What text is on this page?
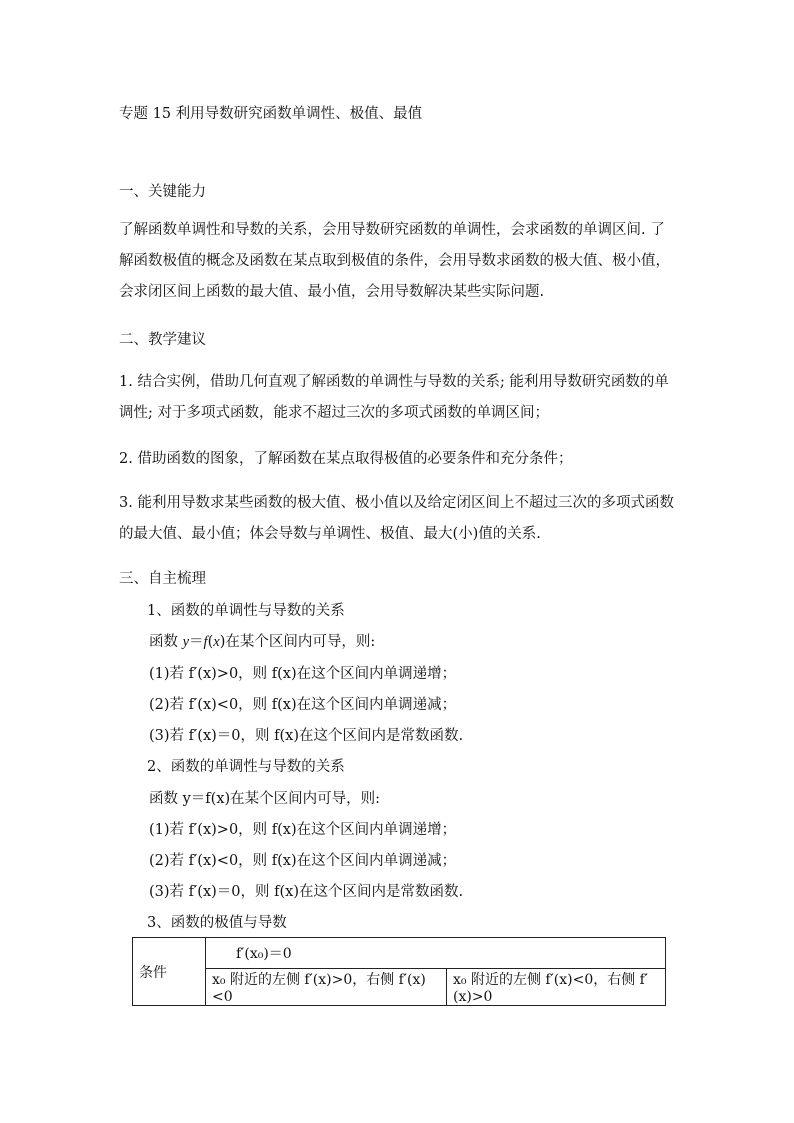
专题 15 利用导数研究函数单调性、极值、最值
一、关键能力
了解函数单调性和导数的关系，会用导数研究函数的单调性，会求函数的单调区间. 了解函数极值的概念及函数在某点取到极值的条件，会用导数求函数的极大值、极小值，会求闭区间上函数的最大值、最小值，会用导数解决某些实际问题.
二、教学建议
1. 结合实例，借助几何直观了解函数的单调性与导数的关系; 能利用导数研究函数的单调性; 对于多项式函数，能求不超过三次的多项式函数的单调区间；
2. 借助函数的图象，了解函数在某点取得极值的必要条件和充分条件；
3. 能利用导数求某些函数的极大值、极小值以及给定闭区间上不超过三次的多项式函数的最大值、最小值；体会导数与单调性、极值、最大(小)值的关系.
三、自主梳理
1、函数的单调性与导数的关系
函数 y＝f(x)在某个区间内可导，则:
(1)若 f′(x)>0，则 f(x)在这个区间内单调递增；
(2)若 f′(x)<0，则 f(x)在这个区间内单调递减；
(3)若 f′(x)＝0，则 f(x)在这个区间内是常数函数.
2、函数的单调性与导数的关系
函数 y＝f(x)在某个区间内可导，则:
(1)若 f′(x)>0，则 f(x)在这个区间内单调递增；
(2)若 f′(x)<0，则 f(x)在这个区间内单调递减；
(3)若 f′(x)＝0，则 f(x)在这个区间内是常数函数.
3、函数的极值与导数
条件	f′(x₀)＝0	
	x₀ 附近的左侧 f′(x)>0，右侧 f′(x)<0	x₀ 附近的左侧 f′(x)<0，右侧 f′(x)>0
